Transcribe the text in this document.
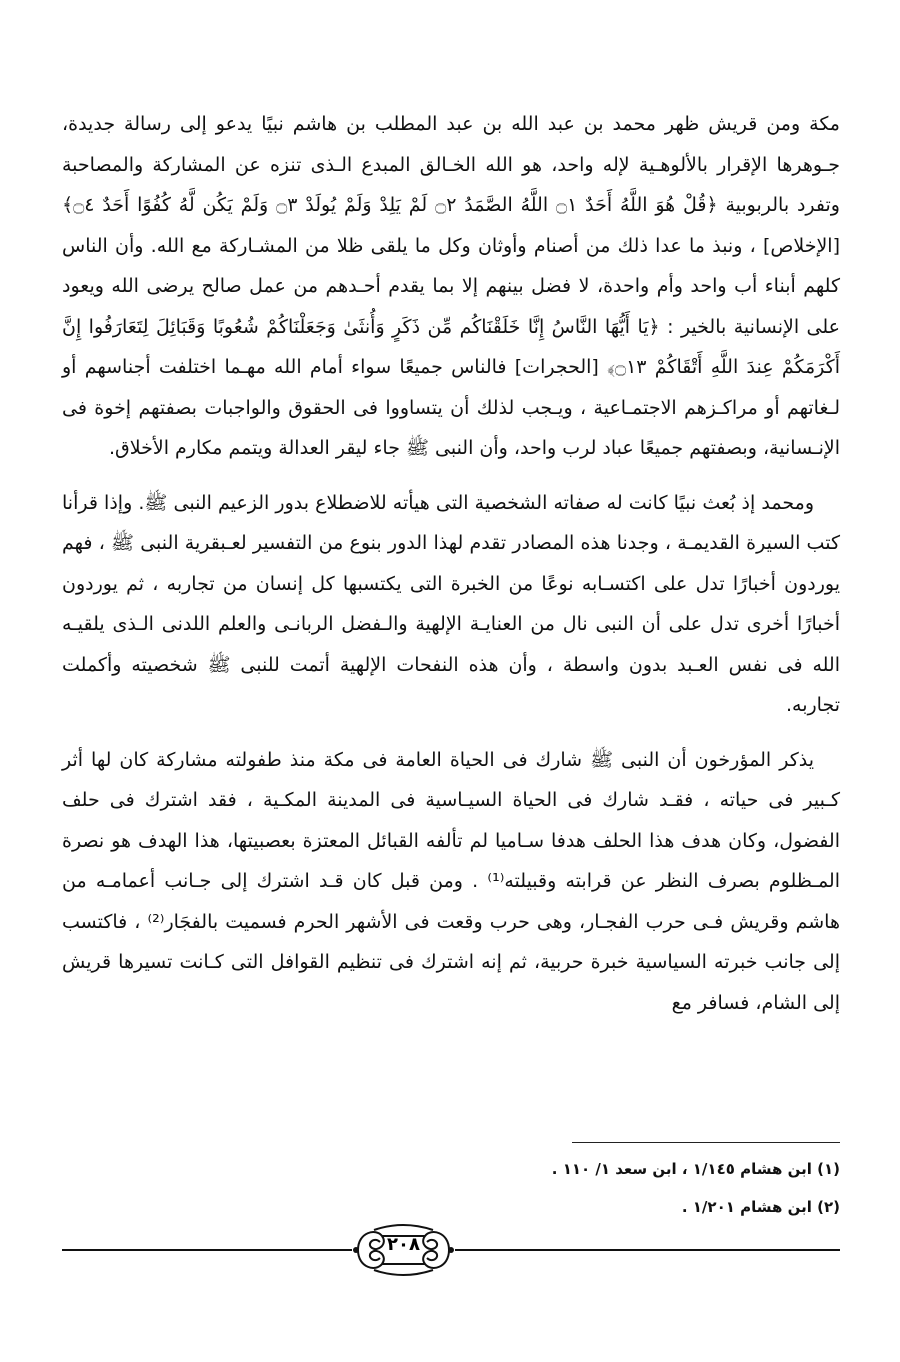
مكة ومن قريش ظهر محمد بن عبد الله بن عبد المطلب بن هاشم نبيًا يدعو إلى رسالة جديدة، جـوهرها الإقرار بالألوهـية لإله واحد، هو الله الخـالق المبدع الـذى تنزه عن المشاركة والمصاحبة وتفرد بالربوبية ﴿قُلْ هُوَ اللَّهُ أَحَدٌ ۝١ اللَّهُ الصَّمَدُ ۝٢ لَمْ يَلِدْ وَلَمْ يُولَدْ ۝٣ وَلَمْ يَكُن لَّهُ كُفُوًا أَحَدٌ ۝٤﴾ [الإخلاص] ، ونبذ ما عدا ذلك من أصنام وأوثان وكل ما يلقى ظلا من المشـاركة مع الله. وأن الناس كلهم أبناء أب واحد وأم واحدة، لا فضل بينهم إلا بما يقدم أحـدهم من عمل صالح يرضى الله ويعود على الإنسانية بالخير : ﴿يَا أَيُّهَا النَّاسُ إِنَّا خَلَقْنَاكُم مِّن ذَكَرٍ وَأُنثَىٰ وَجَعَلْنَاكُمْ شُعُوبًا وَقَبَائِلَ لِتَعَارَفُوا إِنَّ أَكْرَمَكُمْ عِندَ اللَّهِ أَتْقَاكُمْ ۝١٣﴾ [الحجرات] فالناس جميعًا سواء أمام الله مهـما اختلفت أجناسهم أو لـغاتهم أو مراكـزهم الاجتمـاعية ، ويـجب لذلك أن يتساووا فى الحقوق والواجبات بصفتهم إخوة فى الإنـسانية، وبصفتهم جميعًا عباد لرب واحد، وأن النبى ﷺ جاء ليقر العدالة ويتمم مكارم الأخلاق.

ومحمد إذ بُعث نبيًا كانت له صفاته الشخصية التى هيأته للاضطلاع بدور الزعيم النبى ﷺ. وإذا قرأنا كتب السيرة القديمـة ، وجدنا هذه المصادر تقدم لهذا الدور بنوع من التفسير لعـبقرية النبى ﷺ ، فهم يوردون أخبارًا تدل على اكتسـابه نوعًا من الخبرة التى يكتسبها كل إنسان من تجاربه ، ثم يوردون أخبارًا أخرى تدل على أن النبى نال من العنايـة الإلهية والـفضل الربانـى والعلم اللدنى الـذى يلقيـه الله فى نفس العـبد بدون واسطة ، وأن هذه النفحات الإلهية أتمت للنبى ﷺ شخصيته وأكملت تجاربه.

يذكر المؤرخون أن النبى ﷺ شارك فى الحياة العامة فى مكة منذ طفولته مشاركة كان لها أثر كـبير فى حياته ، فقـد شارك فى الحياة السيـاسية فى المدينة المكـية ، فقد اشترك فى حلف الفضول، وكان هدف هذا الحلف هدفا سـاميا لم تألفه القبائل المعتزة بعصبيتها، هذا الهدف هو نصرة المـظلوم بصرف النظر عن قرابته وقبيلته⁽¹⁾ . ومن قبل كان قـد اشترك إلى جـانب أعمامـه من هاشم وقريش فـى حرب الفجـار، وهى حرب وقعت فى الأشهر الحرم فسميت بالفجَار⁽²⁾ ، فاكتسب إلى جانب خبرته السياسية خبرة حربية، ثم إنه اشترك فى تنظيم القوافل التى كـانت تسيرها قريش إلى الشام، فسافر مع

(١) ابن هشام ١/١٤٥ ، ابن سعد ١/ ١١٠ .
(٢) ابن هشام ١/٢٠١ .
٢٠٨
